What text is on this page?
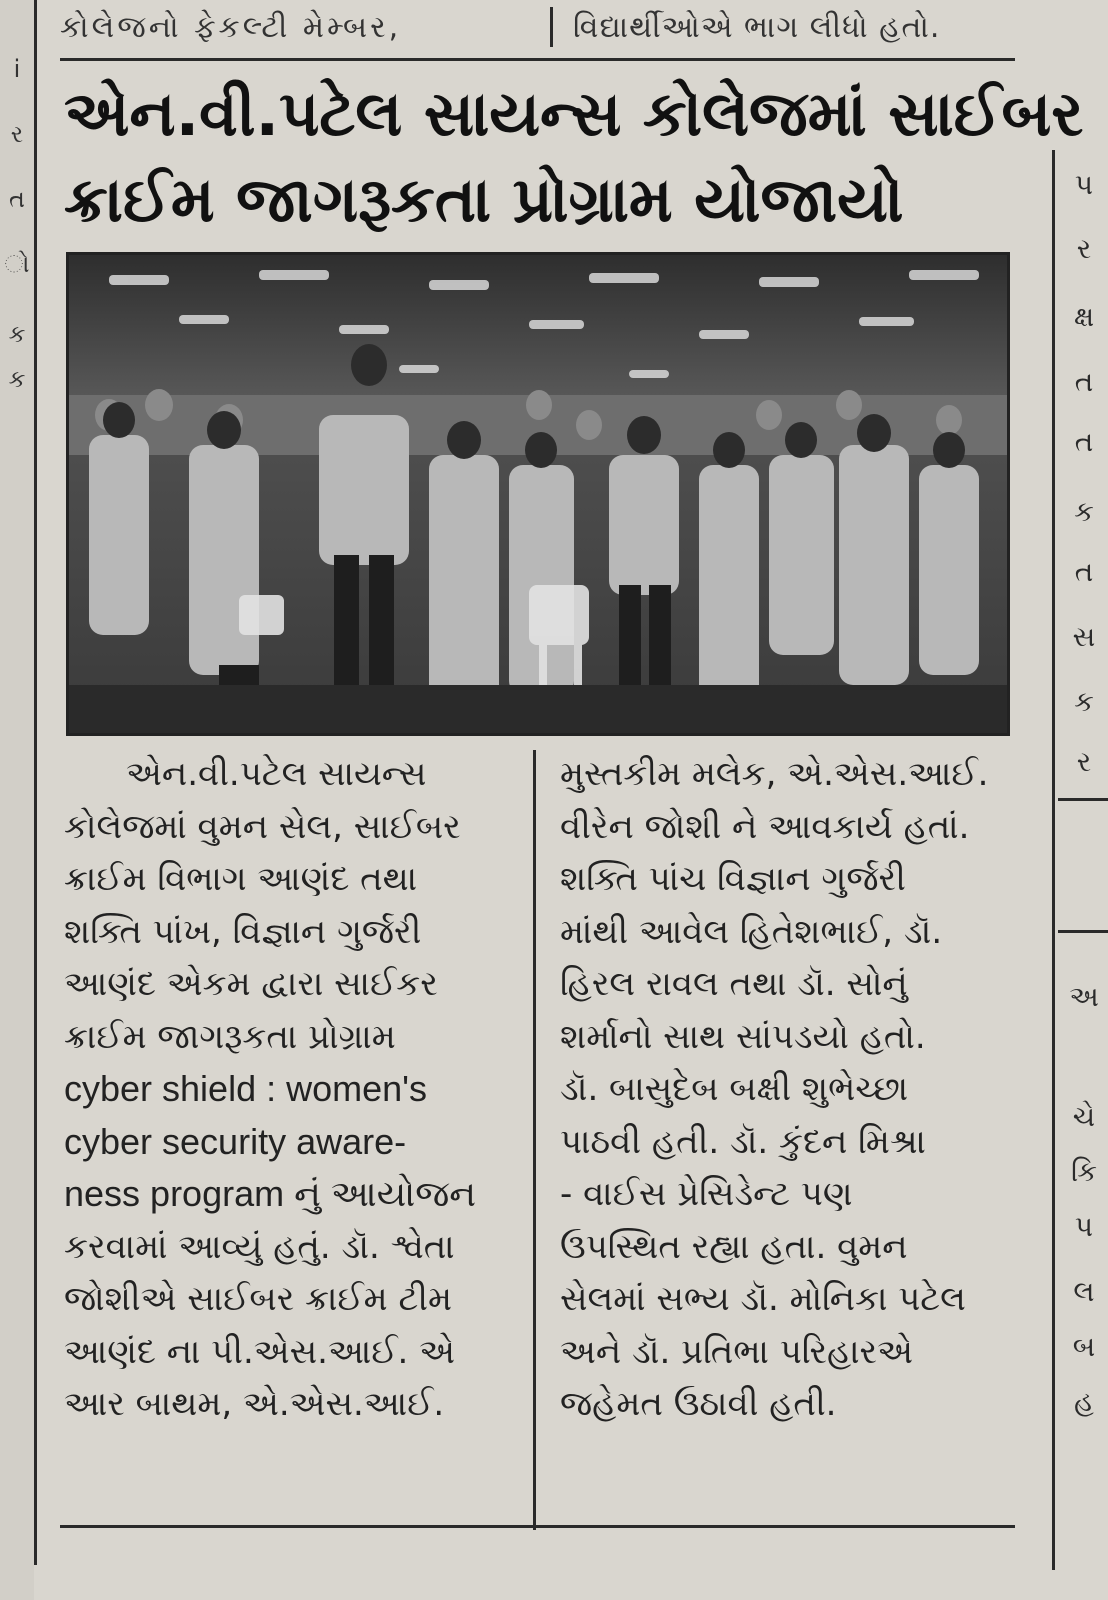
i
ર
ત
ો
ક
ક
કોલેજનો ફેકલ્ટી મેમ્બર,	વિદ્યાર્થીઓએ ભાગ લીધો હતો.
એન.વી.પટેલ સાયન્સ કોલેજમાં સાઈબર
ક્રાઈમ જાગરૂકતા પ્રોગ્રામ યોજાયો
એન.વી.પટેલ સાયન્સ
કોલેજમાં વુમન સેલ, સાઈબર
ક્રાઈમ વિભાગ આણંદ તથા
શક્તિ પાંખ, વિજ્ઞાન ગુર્જરી
આણંદ એકમ દ્વારા સાઈકર
ક્રાઈમ જાગરૂકતા પ્રોગ્રામ
cyber shield : women's
cyber security aware-
ness program નું આયોજન
કરવામાં આવ્યું હતું. ડૉ. શ્વેતા
જોશીએ સાઈબર ક્રાઈમ ટીમ
આણંદ ના પી.એસ.આઈ. એ
આર બાથમ, એ.એસ.આઈ.
મુસ્તકીમ મલેક, એ.એસ.આઈ.
વીરેન જોશી ને આવકાર્ય હતાં.
શક્તિ પાંચ વિજ્ઞાન ગુર્જરી
માંથી આવેલ હિતેશભાઈ, ડૉ.
હિરલ રાવલ તથા ડૉ. સોનું
શર્માનો સાથ સાંપડયો હતો.
ડૉ. બાસુદેબ બક્ષી શુભેચ્છા
પાઠવી હતી. ડૉ. કુંદન મિશ્રા
- વાઈસ પ્રેસિડેન્ટ પણ
ઉપસ્થિત રહ્યા હતા. વુમન
સેલમાં સભ્ય ડૉ. મોનિકા પટેલ
અને ડૉ. પ્રતિભા પરિહારએ
જહેમત ઉઠાવી હતી.
પ
ર
ક્ષ
ત
ત
ક
ત
સ
ક
ર
અ
ચે
કિ
પ
લ
બ
હ
